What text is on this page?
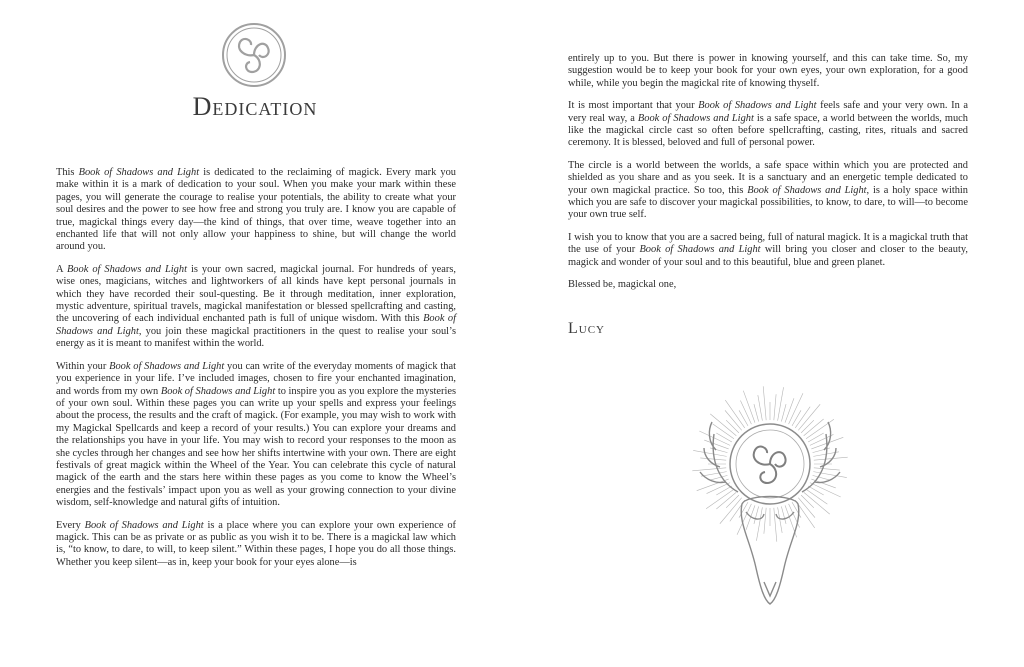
Dedication

This Book of Shadows and Light is dedicated to the reclaiming of magick. Every mark you make within it is a mark of dedication to your soul. When you make your mark within these pages, you will generate the courage to realise your potentials, the ability to create what your soul desires and the power to see how free and strong you truly are. I know you are capable of true, magickal things every day—the kind of things, that over time, weave together into an enchanted life that will not only allow your happiness to shine, but will change the world around you.

A Book of Shadows and Light is your own sacred, magickal journal. For hundreds of years, wise ones, magicians, witches and lightworkers of all kinds have kept personal journals in which they have recorded their soul-questing. Be it through meditation, inner exploration, mystic adventure, spiritual travels, magickal manifestation or blessed spellcrafting and casting, the uncovering of each individual enchanted path is full of unique wisdom. With this Book of Shadows and Light, you join these magickal practitioners in the quest to realise your soul’s energy as it is meant to manifest within the world.

Within your Book of Shadows and Light you can write of the everyday moments of magick that you experience in your life. I’ve included images, chosen to fire your enchanted imagination, and words from my own Book of Shadows and Light to inspire you as you explore the mysteries of your own soul. Within these pages you can write up your spells and express your feelings about the process, the results and the craft of magick. (For example, you may wish to work with my Magickal Spellcards and keep a record of your results.) You can explore your dreams and the relationships you have in your life. You may wish to record your responses to the moon as she cycles through her changes and see how her shifts intertwine with your own. There are eight festivals of great magick within the Wheel of the Year. You can celebrate this cycle of natural magick of the earth and the stars here within these pages as you come to know the Wheel’s energies and the festivals’ impact upon you as well as your growing connection to your divine wisdom, self-knowledge and natural gifts of intuition.

Every Book of Shadows and Light is a place where you can explore your own experience of magick. This can be as private or as public as you wish it to be. There is a magickal law which is, “to know, to dare, to will, to keep silent.” Within these pages, I hope you do all those things. Whether you keep silent—as in, keep your book for your eyes alone—is

entirely up to you. But there is power in knowing yourself, and this can take time. So, my suggestion would be to keep your book for your own eyes, your own exploration, for a good while, while you begin the magickal rite of knowing thyself.

It is most important that your Book of Shadows and Light feels safe and your very own. In a very real way, a Book of Shadows and Light is a safe space, a world between the worlds, much like the magickal circle cast so often before spellcrafting, casting, rites, rituals and sacred ceremony. It is blessed, beloved and full of personal power.

The circle is a world between the worlds, a safe space within which you are protected and shielded as you share and as you seek. It is a sanctuary and an energetic temple dedicated to your own magickal practice. So too, this Book of Shadows and Light, is a holy space within which you are safe to discover your magickal possibilities, to know, to dare, to will—to become your own true self.

I wish you to know that you are a sacred being, full of natural magick. It is a magickal truth that the use of your Book of Shadows and Light will bring you closer and closer to the beauty, magick and wonder of your soul and to this beautiful, blue and green planet.

Blessed be, magickal one,

Lucy
